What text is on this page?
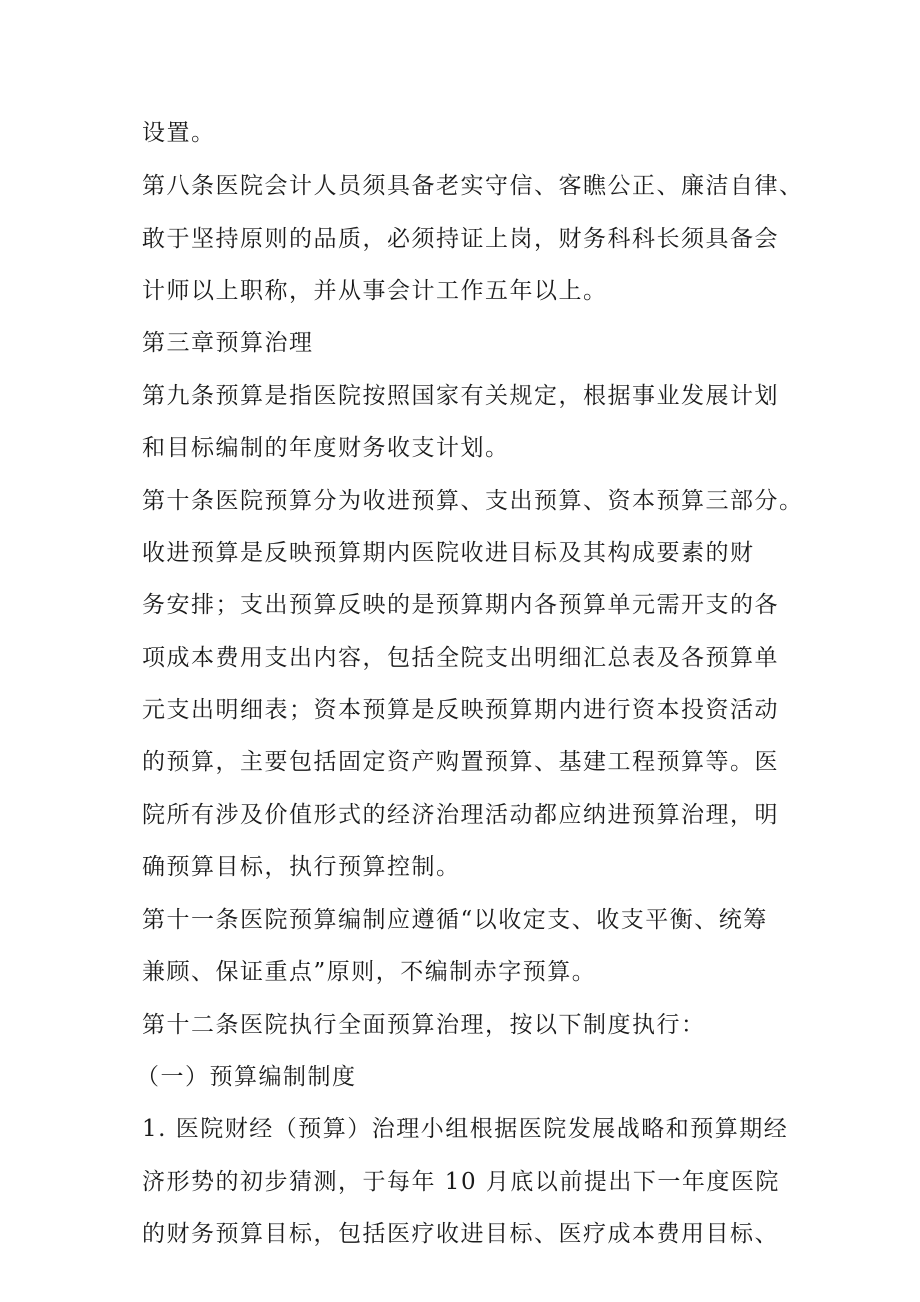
设置。

第八条医院会计人员须具备老实守信、客瞧公正、廉洁自律、

敢于坚持原则的品质，必须持证上岗，财务科科长须具备会

计师以上职称，并从事会计工作五年以上。

第三章预算治理

第九条预算是指医院按照国家有关规定，根据事业发展计划

和目标编制的年度财务收支计划。

第十条医院预算分为收进预算、支出预算、资本预算三部分。

收进预算是反映预算期内医院收进目标及其构成要素的财

务安排；支出预算反映的是预算期内各预算单元需开支的各

项成本费用支出内容，包括全院支出明细汇总表及各预算单

元支出明细表；资本预算是反映预算期内进行资本投资活动

的预算，主要包括固定资产购置预算、基建工程预算等。医

院所有涉及价值形式的经济治理活动都应纳进预算治理，明

确预算目标，执行预算控制。

第十一条医院预算编制应遵循“以收定支、收支平衡、统筹

兼顾、保证重点”原则，不编制赤字预算。

第十二条医院执行全面预算治理，按以下制度执行：

（一）预算编制制度

1. 医院财经（预算）治理小组根据医院发展战略和预算期经

济形势的初步猜测，于每年 10 月底以前提出下一年度医院

的财务预算目标，包括医疗收进目标、医疗成本费用目标、
